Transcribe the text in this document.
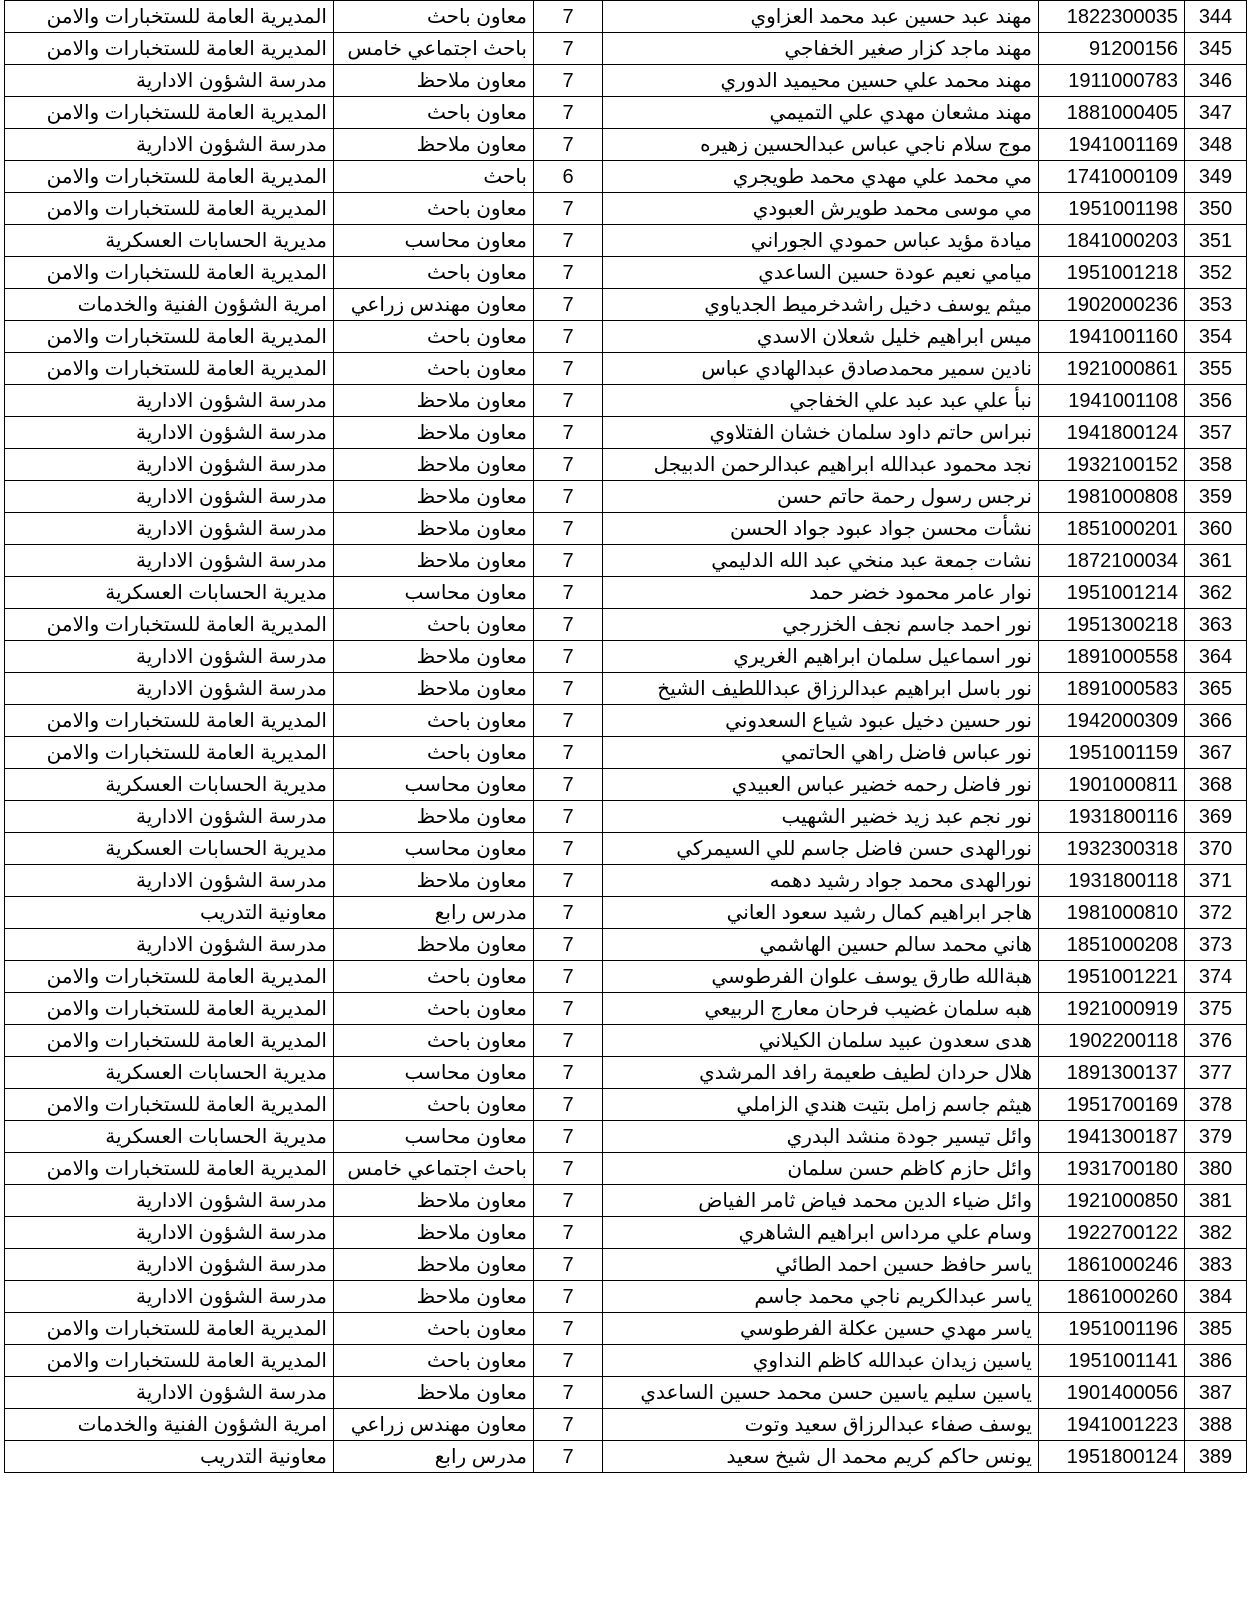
344	1822300035	مهند عبد حسين عبد محمد العزاوي	7	معاون باحث	المديرية العامة للستخبارات والامن
345	91200156	مهند ماجد كزار صغير الخفاجي	7	باحث اجتماعي خامس	المديرية العامة للستخبارات والامن
346	1911000783	مهند محمد علي حسين محيميد الدوري	7	معاون ملاحظ	مدرسة الشؤون الادارية
347	1881000405	مهند مشعان مهدي علي التميمي	7	معاون باحث	المديرية العامة للستخبارات والامن
348	1941001169	موج سلام ناجي عباس عبدالحسين زهيره	7	معاون ملاحظ	مدرسة الشؤون الادارية
349	1741000109	مي محمد علي مهدي محمد طويجري	6	باحث	المديرية العامة للستخبارات والامن
350	1951001198	مي موسى محمد طويرش العبودي	7	معاون باحث	المديرية العامة للستخبارات والامن
351	1841000203	ميادة مؤيد عباس حمودي الجوراني	7	معاون محاسب	مديرية الحسابات العسكرية
352	1951001218	ميامي نعيم عودة حسين الساعدي	7	معاون باحث	المديرية العامة للستخبارات والامن
353	1902000236	ميثم يوسف دخيل راشدخرميط الجدياوي	7	معاون مهندس زراعي	امرية الشؤون الفنية والخدمات
354	1941001160	ميس ابراهيم خليل شعلان الاسدي	7	معاون باحث	المديرية العامة للستخبارات والامن
355	1921000861	نادين سمير محمدصادق عبدالهادي عباس	7	معاون باحث	المديرية العامة للستخبارات والامن
356	1941001108	نبأ علي عبد عبد علي الخفاجي	7	معاون ملاحظ	مدرسة الشؤون الادارية
357	1941800124	نبراس حاتم داود سلمان خشان الفتلاوي	7	معاون ملاحظ	مدرسة الشؤون الادارية
358	1932100152	نجد محمود عبدالله ابراهيم عبدالرحمن الدبيجل	7	معاون ملاحظ	مدرسة الشؤون الادارية
359	1981000808	نرجس رسول رحمة حاتم حسن	7	معاون ملاحظ	مدرسة الشؤون الادارية
360	1851000201	نشأت محسن جواد عبود جواد الحسن	7	معاون ملاحظ	مدرسة الشؤون الادارية
361	1872100034	نشات جمعة عبد منخي عبد الله الدليمي	7	معاون ملاحظ	مدرسة الشؤون الادارية
362	1951001214	نوار عامر محمود خضر حمد	7	معاون محاسب	مديرية الحسابات العسكرية
363	1951300218	نور احمد جاسم نجف الخزرجي	7	معاون باحث	المديرية العامة للستخبارات والامن
364	1891000558	نور اسماعيل سلمان ابراهيم الغريري	7	معاون ملاحظ	مدرسة الشؤون الادارية
365	1891000583	نور باسل ابراهيم عبدالرزاق عبداللطيف الشيخ	7	معاون ملاحظ	مدرسة الشؤون الادارية
366	1942000309	نور حسين دخيل عبود شياع السعدوني	7	معاون باحث	المديرية العامة للستخبارات والامن
367	1951001159	نور عباس فاضل راهي الحاتمي	7	معاون باحث	المديرية العامة للستخبارات والامن
368	1901000811	نور فاضل رحمه خضير عباس العبيدي	7	معاون محاسب	مديرية الحسابات العسكرية
369	1931800116	نور نجم عبد زيد خضير الشهيب	7	معاون ملاحظ	مدرسة الشؤون الادارية
370	1932300318	نورالهدى حسن فاضل جاسم للي السيمركي	7	معاون محاسب	مديرية الحسابات العسكرية
371	1931800118	نورالهدى محمد جواد رشيد دهمه	7	معاون ملاحظ	مدرسة الشؤون الادارية
372	1981000810	هاجر ابراهيم كمال رشيد سعود العاني	7	مدرس رابع	معاونية التدريب
373	1851000208	هاني محمد سالم حسين الهاشمي	7	معاون ملاحظ	مدرسة الشؤون الادارية
374	1951001221	هبةالله طارق يوسف علوان الفرطوسي	7	معاون باحث	المديرية العامة للستخبارات والامن
375	1921000919	هبه سلمان غضيب فرحان معارج الربيعي	7	معاون باحث	المديرية العامة للستخبارات والامن
376	1902200118	هدى سعدون عبيد سلمان الكيلاني	7	معاون باحث	المديرية العامة للستخبارات والامن
377	1891300137	هلال حردان لطيف طعيمة رافد المرشدي	7	معاون محاسب	مديرية الحسابات العسكرية
378	1951700169	هيثم جاسم زامل بتيت هندي الزاملي	7	معاون باحث	المديرية العامة للستخبارات والامن
379	1941300187	وائل تيسير جودة منشد البدري	7	معاون محاسب	مديرية الحسابات العسكرية
380	1931700180	وائل حازم كاظم حسن سلمان	7	باحث اجتماعي خامس	المديرية العامة للستخبارات والامن
381	1921000850	وائل ضياء الدين محمد فياض ثامر الفياض	7	معاون ملاحظ	مدرسة الشؤون الادارية
382	1922700122	وسام علي مرداس ابراهيم الشاهري	7	معاون ملاحظ	مدرسة الشؤون الادارية
383	1861000246	ياسر حافظ حسين احمد الطائي	7	معاون ملاحظ	مدرسة الشؤون الادارية
384	1861000260	ياسر عبدالكريم ناجي محمد جاسم	7	معاون ملاحظ	مدرسة الشؤون الادارية
385	1951001196	ياسر مهدي حسين عكلة الفرطوسي	7	معاون باحث	المديرية العامة للستخبارات والامن
386	1951001141	ياسين زيدان عبدالله كاظم النداوي	7	معاون باحث	المديرية العامة للستخبارات والامن
387	1901400056	ياسين سليم ياسين حسن محمد حسين الساعدي	7	معاون ملاحظ	مدرسة الشؤون الادارية
388	1941001223	يوسف صفاء عبدالرزاق سعيد وتوت	7	معاون مهندس زراعي	امرية الشؤون الفنية والخدمات
389	1951800124	يونس حاكم كريم محمد ال شيخ سعيد	7	مدرس رابع	معاونية التدريب
